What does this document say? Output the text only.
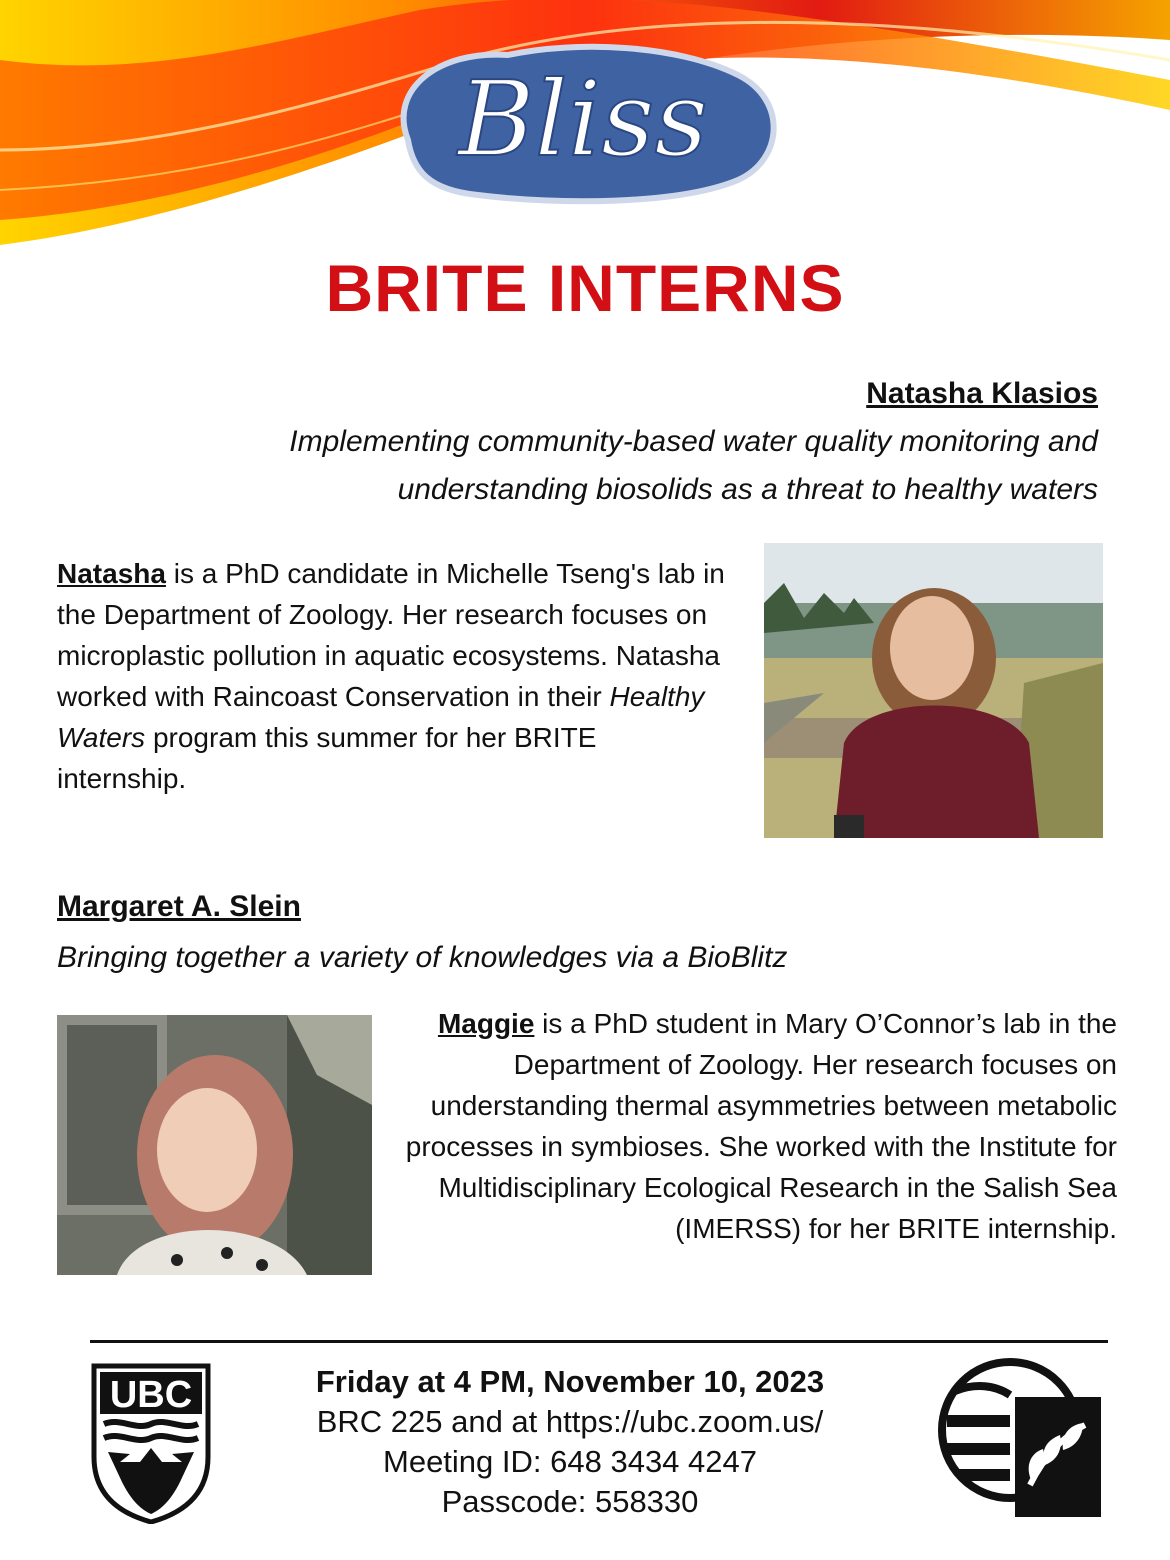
Bliss
BRITE INTERNS
Natasha Klasios
Implementing community-based water quality monitoring and
understanding biosolids as a threat to healthy waters
Natasha is a PhD candidate in Michelle Tseng's lab in the Department of Zoology. Her research focuses on microplastic pollution in aquatic ecosystems. Natasha worked with Raincoast Conservation in their Healthy Waters program this summer for her BRITE internship.
Margaret A. Slein
Bringing together a variety of knowledges via a BioBlitz
Maggie is a PhD student in Mary O’Connor’s lab in the Department of Zoology. Her research focuses on understanding thermal asymmetries between metabolic processes in symbioses. She worked with the Institute for Multidisciplinary Ecological Research in the Salish Sea (IMERSS) for her BRITE internship.
UBC	Friday at 4 PM, November 10, 2023
BRC 225 and at https://ubc.zoom.us/
Meeting ID: 648 3434 4247
Passcode: 558330
